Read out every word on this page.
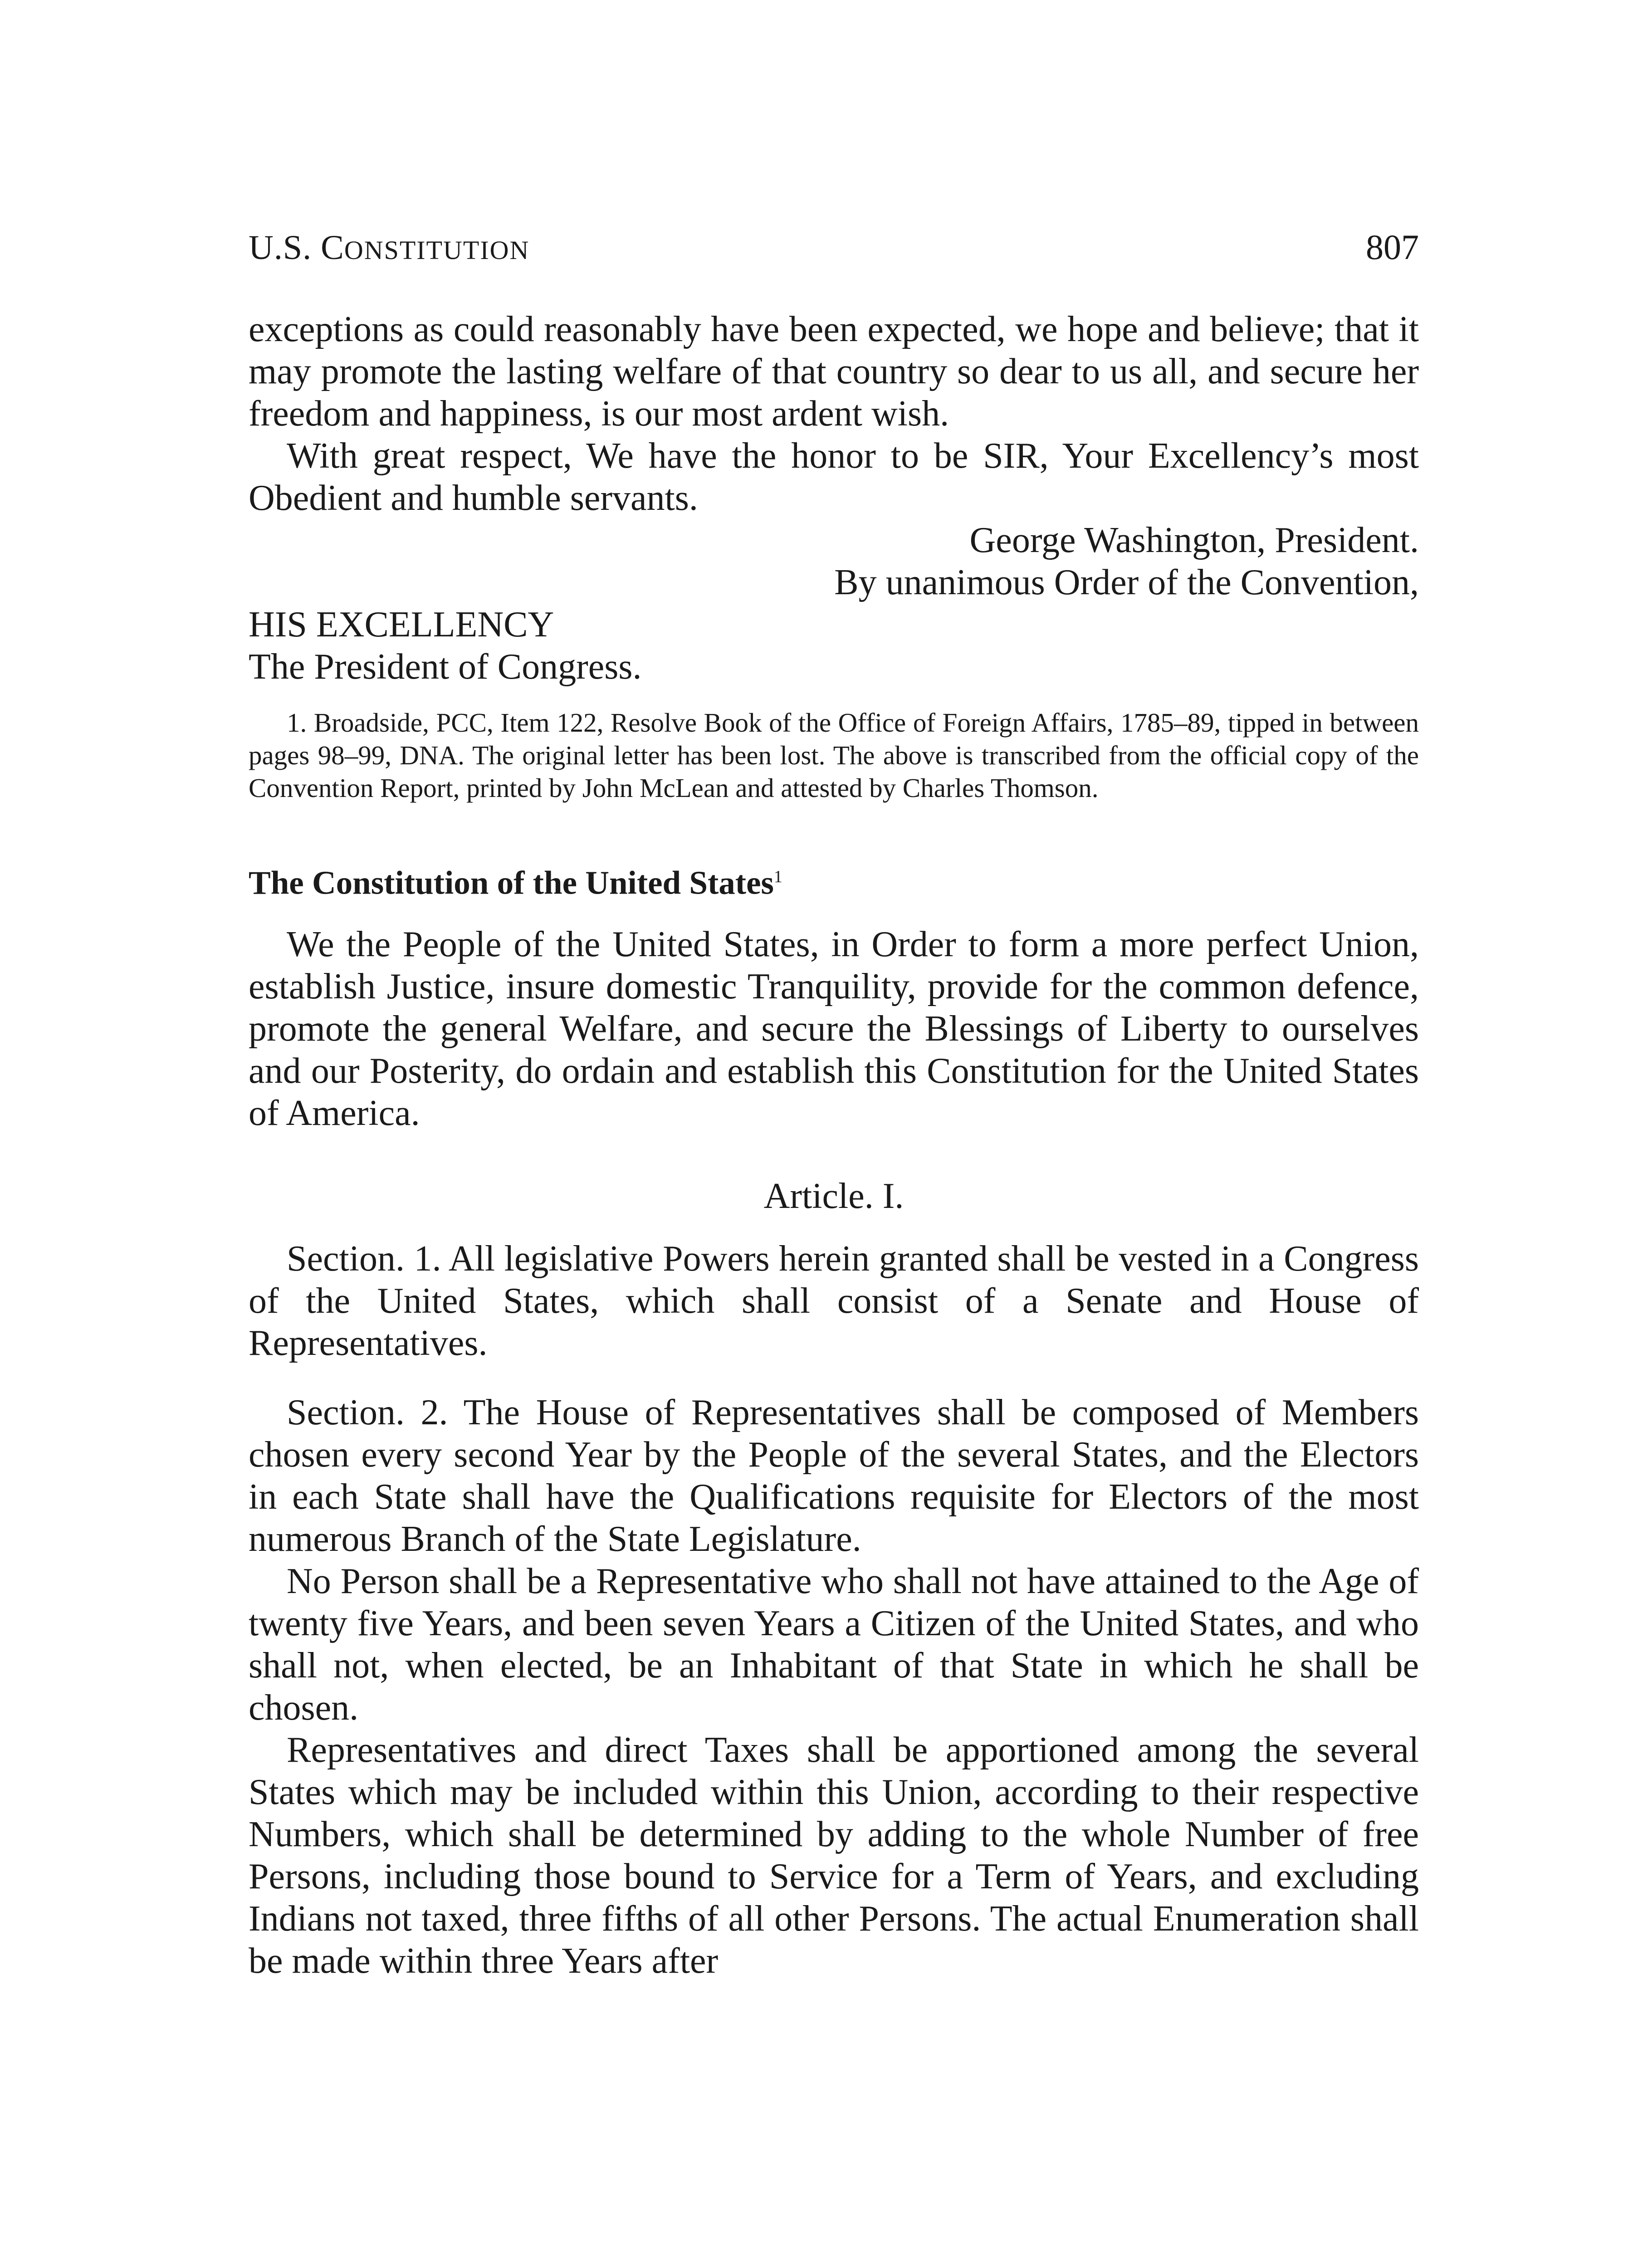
U.S. CONSTITUTION	807

exceptions as could reasonably have been expected, we hope and believe; that it may promote the lasting welfare of that country so dear to us all, and secure her freedom and happiness, is our most ardent wish.

With great respect, We have the honor to be SIR, Your Excellency’s most Obedient and humble servants.

George Washington, President.

By unanimous Order of the Convention,

HIS EXCELLENCY

The President of Congress.

1. Broadside, PCC, Item 122, Resolve Book of the Office of Foreign Affairs, 1785–89, tipped in between pages 98–99, DNA. The original letter has been lost. The above is transcribed from the official copy of the Convention Report, printed by John McLean and attested by Charles Thomson.

The Constitution of the United States$^1$

We the People of the United States, in Order to form a more perfect Union, establish Justice, insure domestic Tranquility, provide for the common defence, promote the general Welfare, and secure the Blessings of Liberty to ourselves and our Posterity, do ordain and establish this Constitution for the United States of America.

Article. I.

Section. 1. All legislative Powers herein granted shall be vested in a Congress of the United States, which shall consist of a Senate and House of Representatives.

Section. 2. The House of Representatives shall be composed of Members chosen every second Year by the People of the several States, and the Electors in each State shall have the Qualifications requisite for Electors of the most numerous Branch of the State Legislature.

No Person shall be a Representative who shall not have attained to the Age of twenty five Years, and been seven Years a Citizen of the United States, and who shall not, when elected, be an Inhabitant of that State in which he shall be chosen.

Representatives and direct Taxes shall be apportioned among the several States which may be included within this Union, according to their respective Numbers, which shall be determined by adding to the whole Number of free Persons, including those bound to Service for a Term of Years, and excluding Indians not taxed, three fifths of all other Persons. The actual Enumeration shall be made within three Years after
